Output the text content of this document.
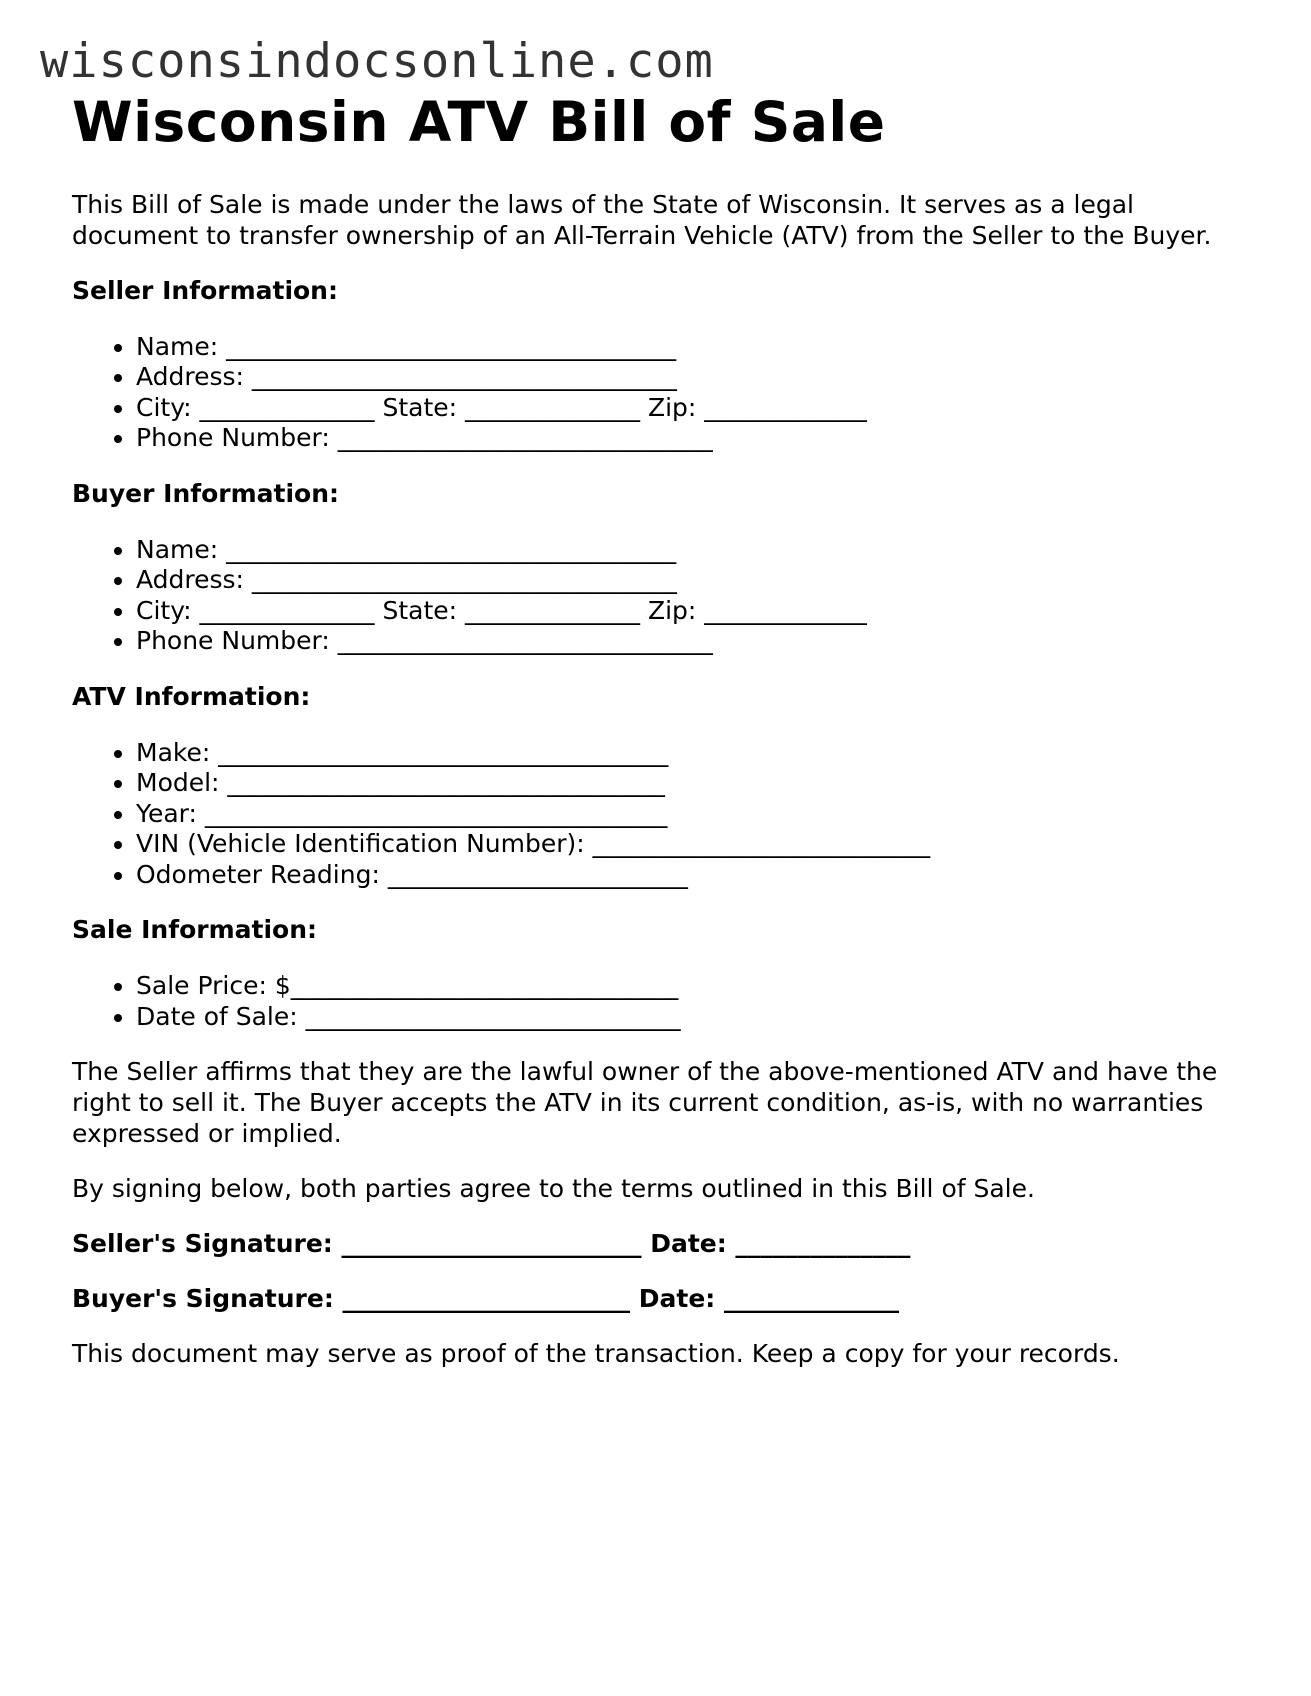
wisconsindocsonline.com
Wisconsin ATV Bill of Sale

This Bill of Sale is made under the laws of the State of Wisconsin. It serves as a legal document to transfer ownership of an All-Terrain Vehicle (ATV) from the Seller to the Buyer.

Seller Information:

• Name: ____________________________________
• Address: __________________________________
• City: ______________ State: ______________ Zip: _____________
• Phone Number: ______________________________

Buyer Information:

• Name: ____________________________________
• Address: __________________________________
• City: ______________ State: ______________ Zip: _____________
• Phone Number: ______________________________

ATV Information:

• Make: ____________________________________
• Model: ___________________________________
• Year: _____________________________________
• VIN (Vehicle Identification Number): ___________________________
• Odometer Reading: ________________________

Sale Information:

• Sale Price: $_______________________________
• Date of Sale: ______________________________

The Seller affirms that they are the lawful owner of the above-mentioned ATV and have the right to sell it. The Buyer accepts the ATV in its current condition, as-is, with no warranties expressed or implied.

By signing below, both parties agree to the terms outlined in this Bill of Sale.

Seller's Signature: ________________________ Date: ______________

Buyer's Signature: _______________________ Date: ______________

This document may serve as proof of the transaction. Keep a copy for your records.
